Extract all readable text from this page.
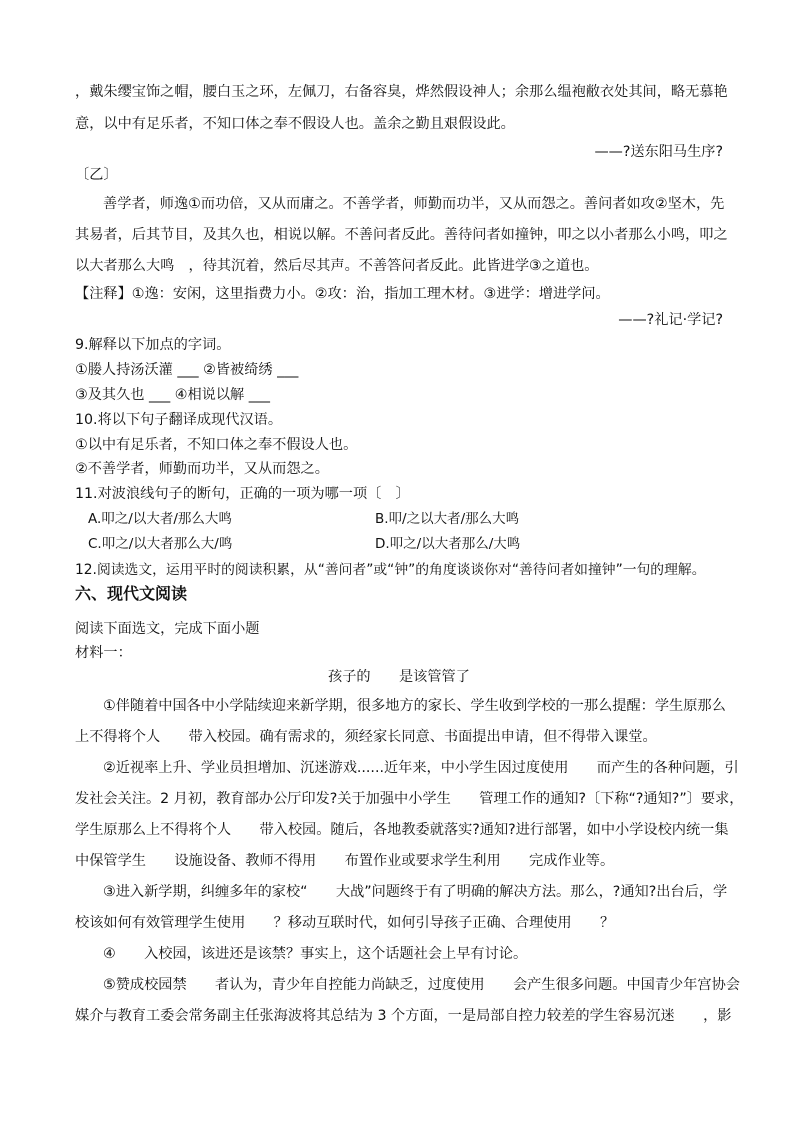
，戴朱缨宝饰之帽，腰白玉之环，左佩刀，右备容臭，烨然假设神人；余那么缊袍敝衣处其间，略无慕艳
意，以中有足乐者，不知口体之奉不假设人也。盖余之勤且艰假设此。
——?送东阳马生序?
〔乙〕
善学者，师逸①而功倍，又从而庸之。不善学者，师勤而功半，又从而怨之。善问者如攻②坚木，先
其易者，后其节目，及其久也，相说以解。不善问者反此。善待问者如撞钟，叩之以小者那么小鸣，叩之
以大者那么大鸣　，待其沉着，然后尽其声。不善答问者反此。此皆进学③之道也。
【注释】①逸：安闲，这里指费力小。②攻：治，指加工理木材。③进学：增进学问。
——?礼记·学记?
9.解释以下加点的字词。
①媵人持汤沃灌 ___ ②皆被绮绣 ___
③及其久也 ___ ④相说以解 ___
10.将以下句子翻译成现代汉语。
①以中有足乐者，不知口体之奉不假设人也。
②不善学者，师勤而功半，又从而怨之。
11.对波浪线句子的断句，正确的一项为哪一项〔　〕
A.叩之/以大者/那么大鸣	B.叩/之以大者/那么大鸣
C.叩之/以大者那么大/鸣	D.叩之/以大者那么/大鸣
12.阅读选文，运用平时的阅读积累，从“善问者”或“钟”的角度谈谈你对“善待问者如撞钟”一句的理解。
六、现代文阅读
阅读下面选文，完成下面小题
材料一：
孩子的　　是该管管了
①伴随着中国各中小学陆续迎来新学期，很多地方的家长、学生收到学校的一那么提醒：学生原那么
上不得将个人　　带入校园。确有需求的，须经家长同意、书面提出申请，但不得带入课堂。
②近视率上升、学业员担增加、沉迷游戏......近年来，中小学生因过度使用　　而产生的各种问题，引
发社会关注。2 月初，教育部办公厅印发?关于加强中小学生　　管理工作的通知?〔下称“?通知?”〕要求，
学生原那么上不得将个人　　带入校园。随后，各地教委就落实?通知?进行部署，如中小学设校内统一集
中保管学生　　设施设备、教师不得用　　布置作业或要求学生利用　　完成作业等。
③进入新学期，纠缠多年的家校“　　大战”问题终于有了明确的解决方法。那么，?通知?出台后，学
校该如何有效管理学生使用　　？移动互联时代，如何引导孩子正确、合理使用　　？
④　　入校园，该进还是该禁？事实上，这个话题社会上早有讨论。
⑤赞成校园禁　　者认为，青少年自控能力尚缺乏，过度使用　　会产生很多问题。中国青少年宫协会
媒介与教育工委会常务副主任张海波将其总结为 3 个方面，一是局部自控力较差的学生容易沉迷　　，影
